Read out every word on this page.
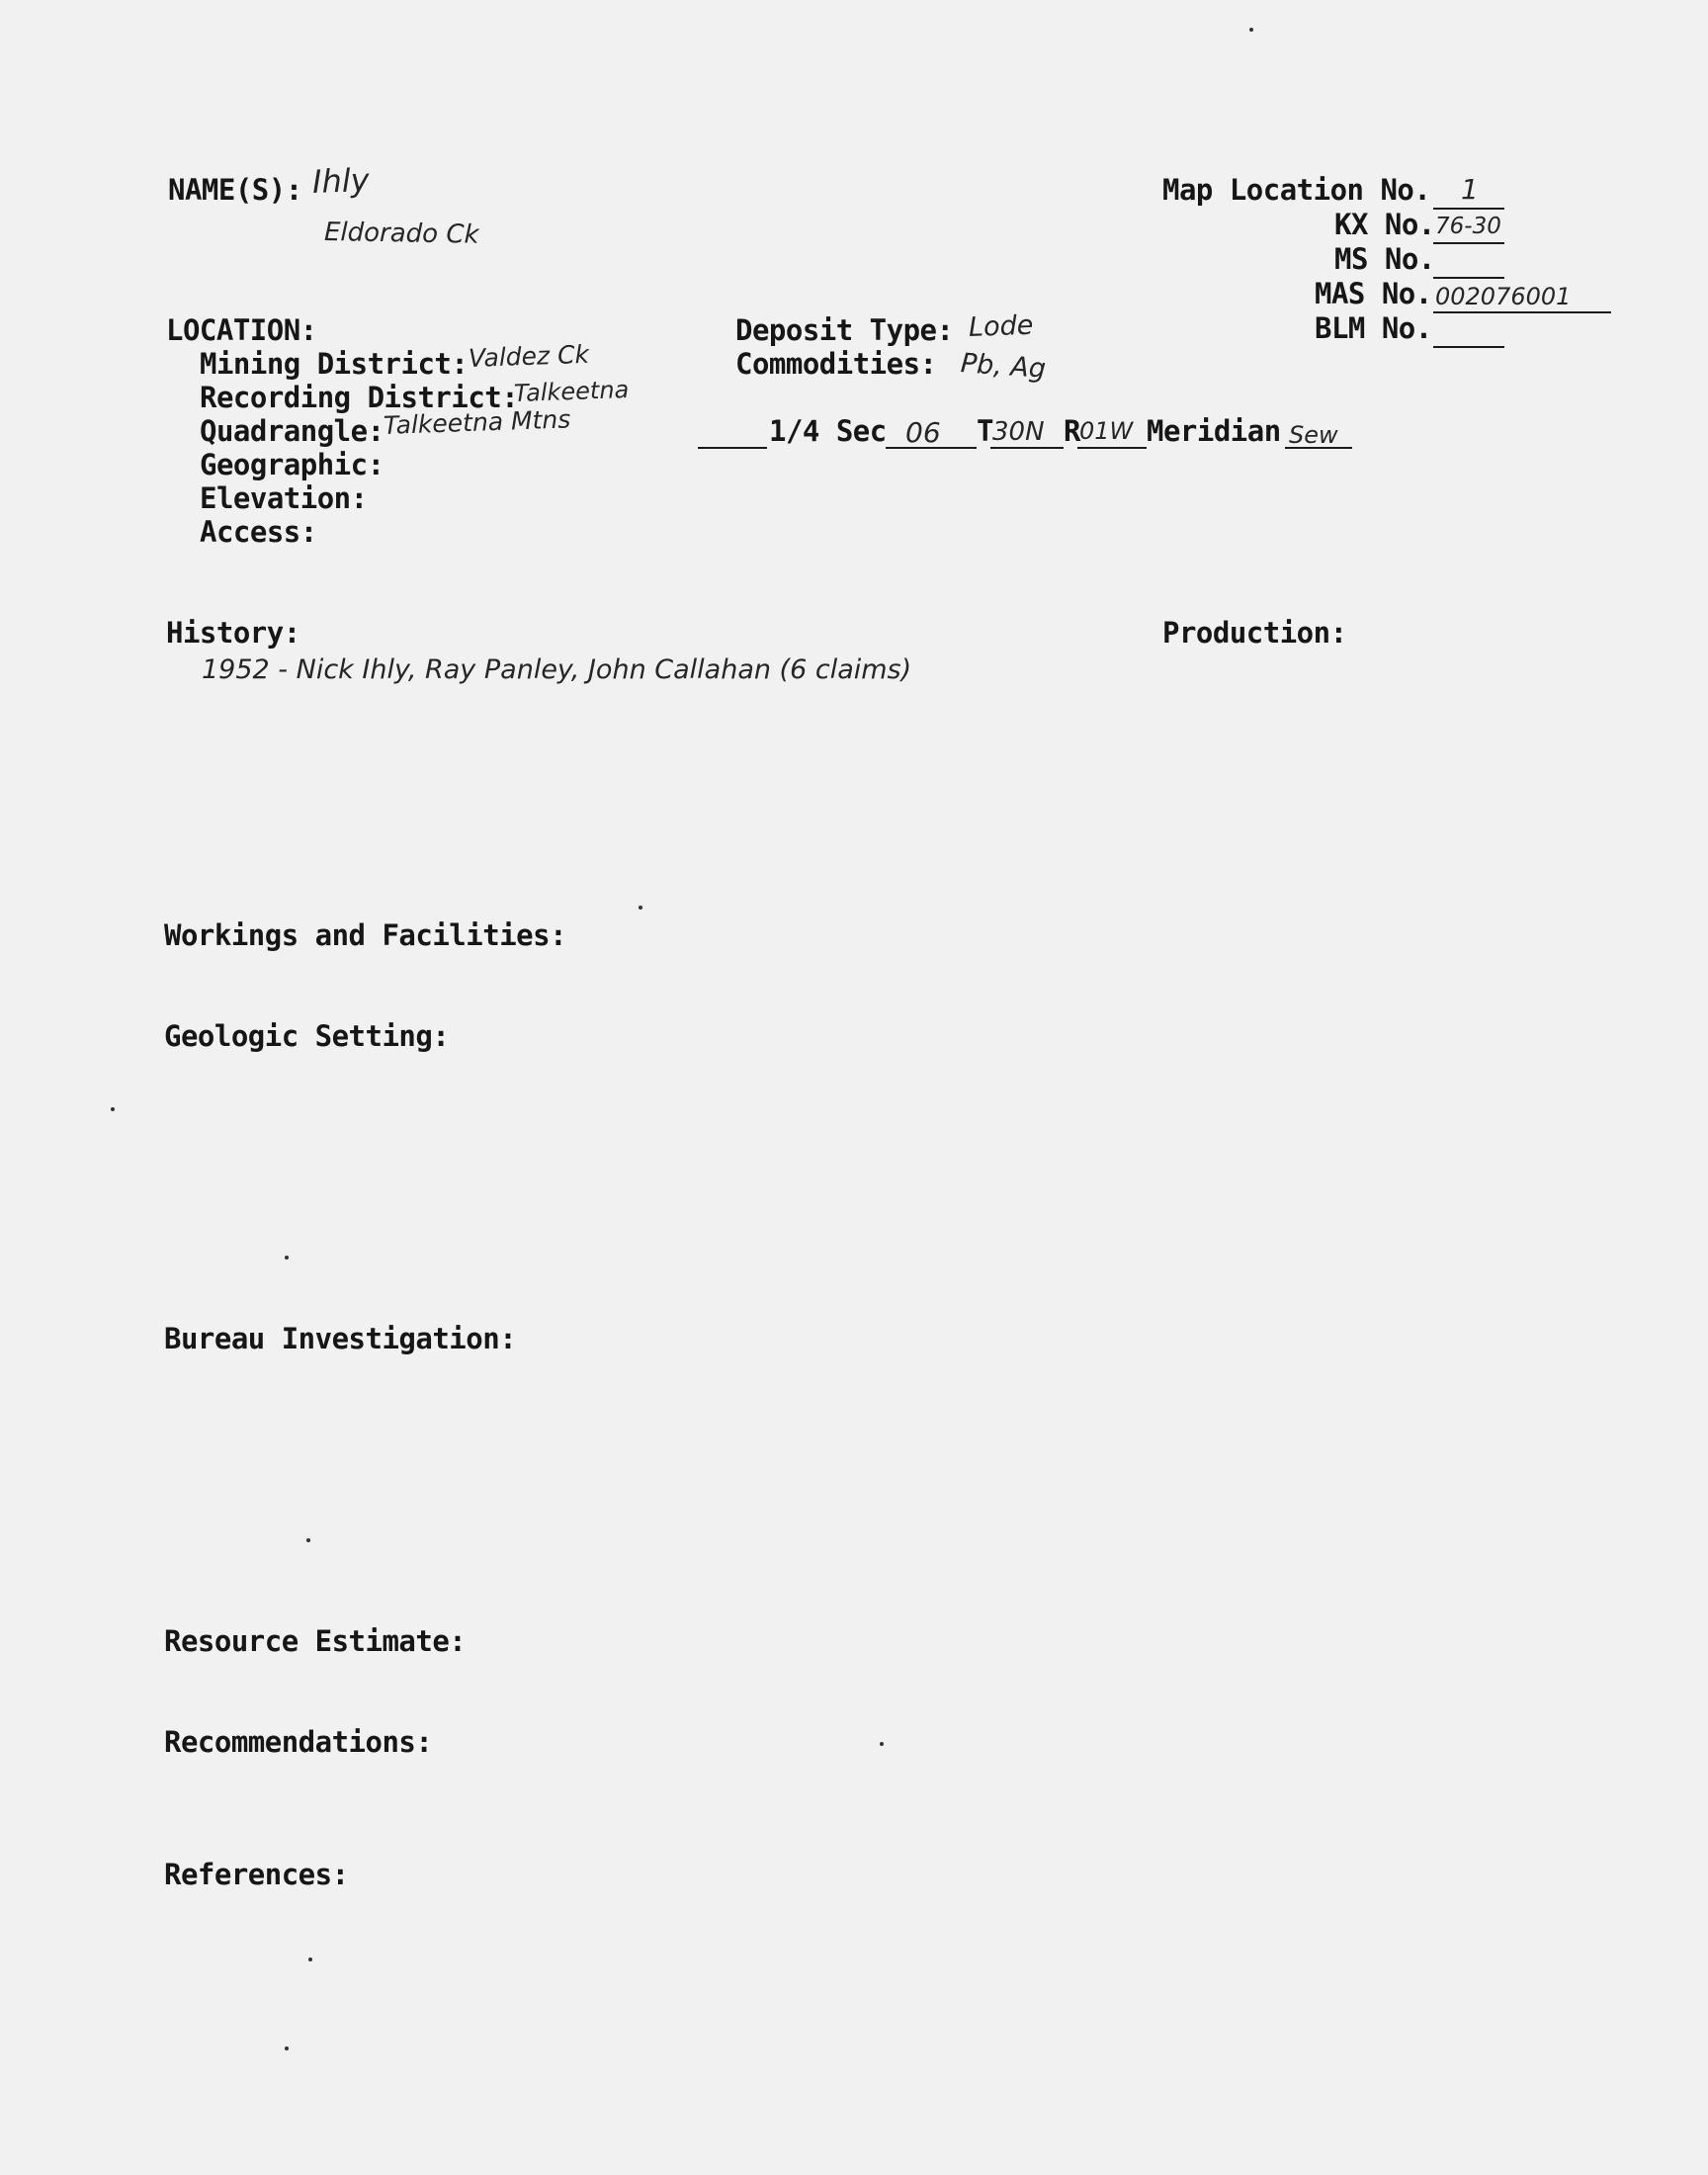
NAME(S): Ihly
Eldorado Ck
Map Location No. 1
KX No. 76-30
MS No.
MAS No. 002076001
BLM No.
LOCATION:
Mining District: Valdez Ck
Recording District:
Talkeetna
Quadrangle:
Talkeetna Mtns
Geographic:
Elevation:
Access:
Deposit Type: Lode
Commodities: Pb, Ag
1/4 Sec 06 T 30N R 01W Meridian Sew
History:
1952 - Nick Ihly, Ray Panley, John Callahan (6 claims)
Production:
Workings and Facilities:
Geologic Setting:
Bureau Investigation:
Resource Estimate:
Recommendations:
References:
